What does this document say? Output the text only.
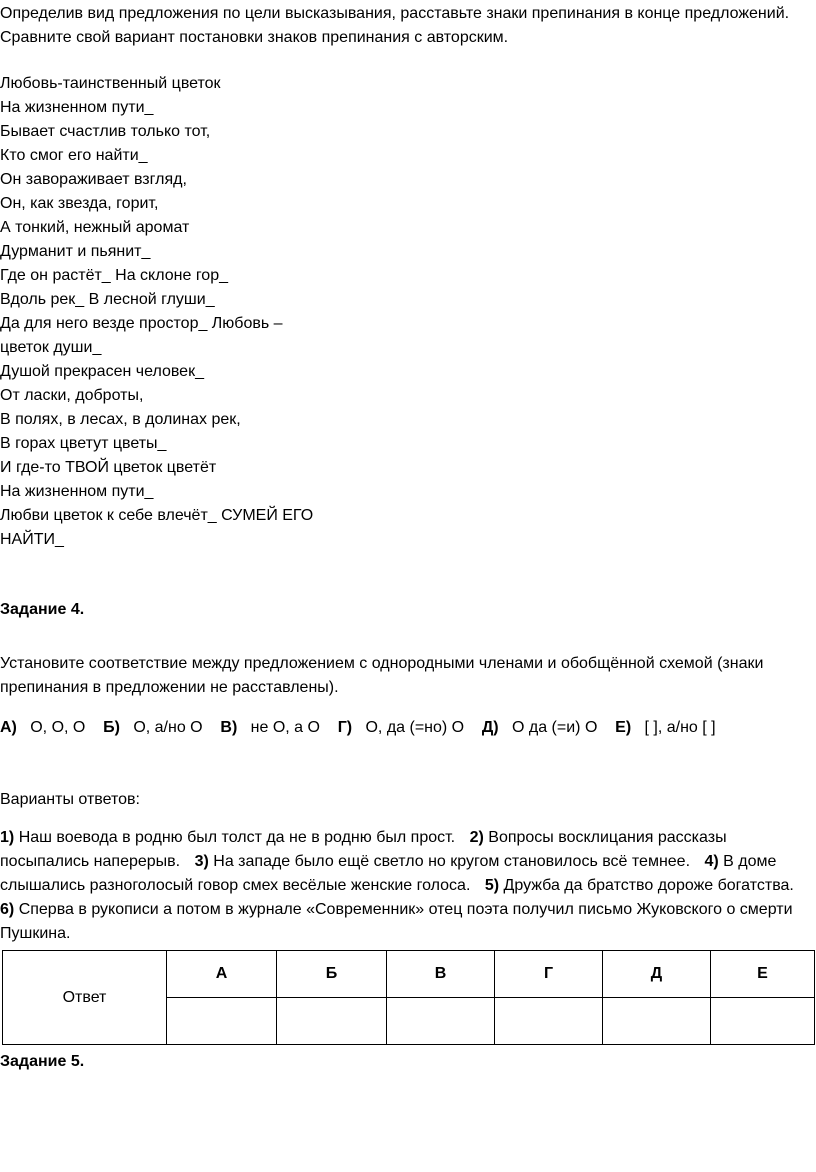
Определив вид предложения по цели высказывания, расставьте знаки препинания в конце предложений. Сравните свой вариант постановки знаков препинания с авторским.
Любовь-таинственный цветок
На жизненном пути_
Бывает счастлив только тот,
Кто смог его найти_
Он завораживает взгляд,
Он, как звезда, горит,
А тонкий, нежный аромат
Дурманит и пьянит_
Где он растёт_ На склоне гор_
Вдоль рек_ В лесной глуши_
Да для него везде простор_ Любовь –
цветок души_
Душой прекрасен человек_
От ласки, доброты,
В полях, в лесах, в долинах рек,
В горах цветут цветы_
И где-то ТВОЙ цветок цветёт
На жизненном пути_
Любви цветок к себе влечёт_ СУМЕЙ ЕГО
НАЙТИ_
Задание 4.
Установите соответствие между предложением с однородными членами и обобщённой схемой (знаки препинания в предложении не расставлены).
А) О, О, О Б) О, а/но О В) не О, а О Г) О, да (=но) О Д) О да (=и) О Е) [ ], а/но [ ]
Варианты ответов:
1) Наш воевода в родню был толст да не в родню был прост. 2) Вопросы восклицания рассказы посыпались наперерыв. 3) На западе было ещё светло но кругом становилось всё темнее. 4) В доме слышались разноголосый говор смех весёлые женские голоса. 5) Дружба да братство дороже богатства.
6) Сперва в рукописи а потом в журнале «Современник» отец поэта получил письмо Жуковского о смерти Пушкина.
Ответ	А	Б	В	Г	Д	Е

Задание 5.
